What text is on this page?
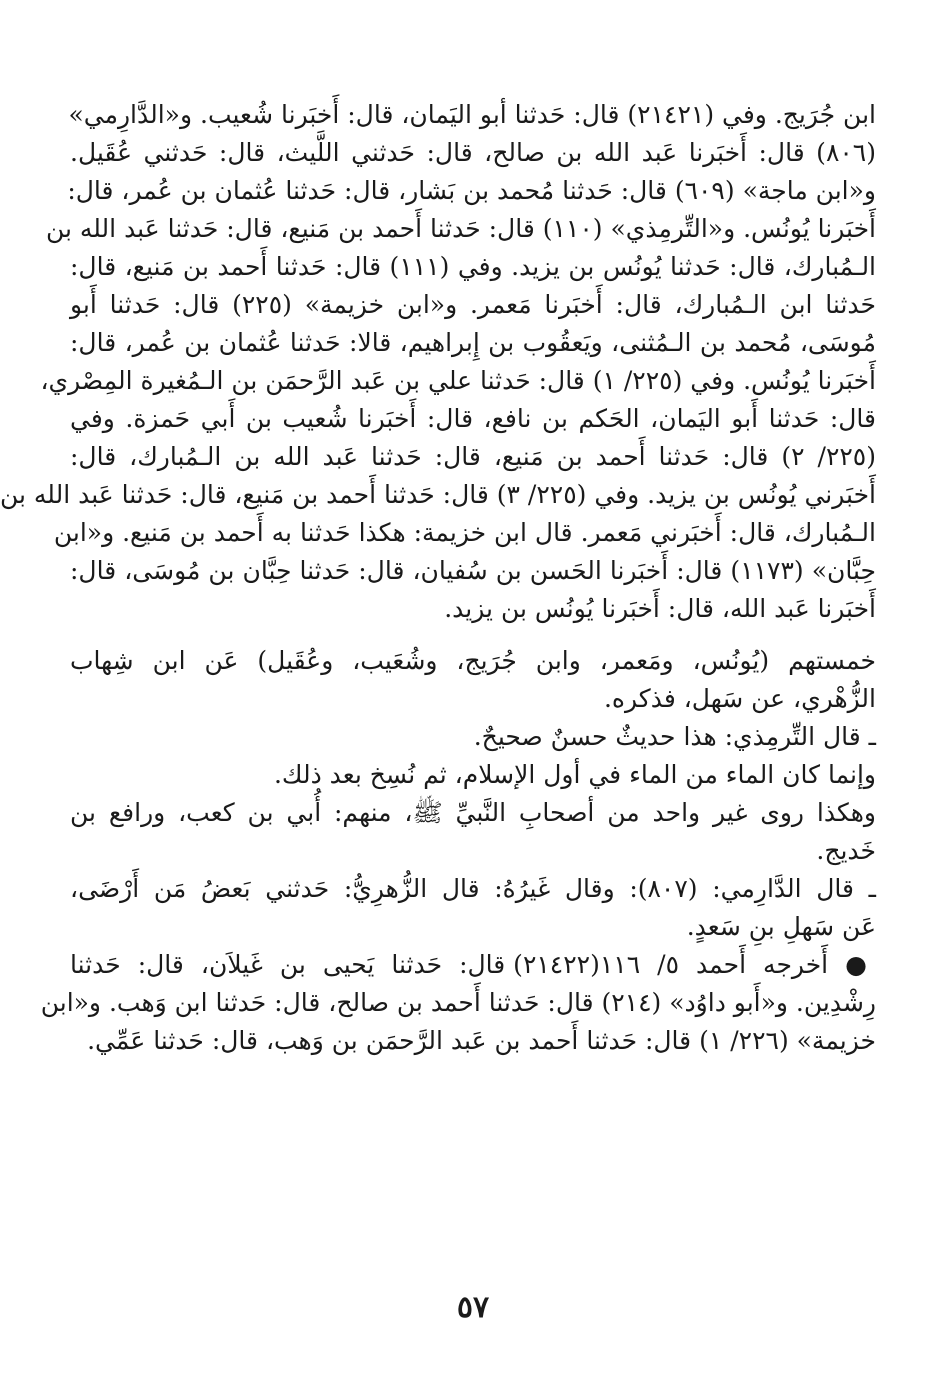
ابن جُرَيج. وفي (٢١٤٢١) قال: حَدثنا أبو اليَمان، قال: أَخبَرنا شُعيب. و«الدَّارِمي»
(٨٠٦) قال: أَخبَرنا عَبد الله بن صالح، قال: حَدثني اللَّيث، قال: حَدثني عُقَيل.
و«ابن ماجة» (٦٠٩) قال: حَدثنا مُحمد بن بَشار، قال: حَدثنا عُثمان بن عُمر، قال:
أَخبَرنا يُونُس. و«التِّرمِذي» (١١٠) قال: حَدثنا أَحمد بن مَنيع، قال: حَدثنا عَبد الله بن
الـمُبارك، قال: حَدثنا يُونُس بن يزيد. وفي (١١١) قال: حَدثنا أَحمد بن مَنيع، قال:
حَدثنا ابن الـمُبارك، قال: أَخبَرنا مَعمر. و«ابن خزيمة» (٢٢٥) قال: حَدثنا أَبو
مُوسَى، مُحمد بن الـمُثنى، ويَعقُوب بن إِبراهيم، قالا: حَدثنا عُثمان بن عُمر، قال:
أَخبَرنا يُونُس. وفي (٢٢٥/ ١) قال: حَدثنا علي بن عَبد الرَّحمَن بن الـمُغيرة المِصْري،
قال: حَدثنا أَبو اليَمان، الحَكم بن نافع، قال: أَخبَرنا شُعيب بن أَبي حَمزة. وفي
(٢٢٥/ ٢) قال: حَدثنا أَحمد بن مَنيع، قال: حَدثنا عَبد الله بن الـمُبارك، قال:
أَخبَرني يُونُس بن يزيد. وفي (٢٢٥/ ٣) قال: حَدثنا أَحمد بن مَنيع، قال: حَدثنا عَبد الله بن
الـمُبارك، قال: أَخبَرني مَعمر. قال ابن خزيمة: هكذا حَدثنا به أَحمد بن مَنيع. و«ابن
حِبَّان» (١١٧٣) قال: أَخبَرنا الحَسن بن سُفيان، قال: حَدثنا حِبَّان بن مُوسَى، قال:
أَخبَرنا عَبد الله، قال: أَخبَرنا يُونُس بن يزيد.
خمستهم (يُونُس، ومَعمر، وابن جُرَيج، وشُعَيب، وعُقَيل) عَن ابن شِهاب
الزُّهْري، عن سَهل، فذكره.
ـ قال التِّرمِذي: هذا حديثٌ حسنٌ صحيحٌ.
وإنما كان الماء من الماء في أول الإسلام، ثم نُسِخ بعد ذلك.
وهكذا روى غير واحد من أصحابِ النَّبيِّ ﷺ، منهم: أُبي بن كعب، ورافع بن
خَديج.
ـ قال الدَّارِمي: (٨٠٧): وقال غَيرُهُ: قال الزُّهرِيُّ: حَدثني بَعضُ مَن أَرْضَى،
عَن سَهلِ بنِ سَعدٍ.
● أَخرجه أَحمد ٥/ ١١٦(٢١٤٢٢) قال: حَدثنا يَحيى بن غَيلاَن، قال: حَدثنا
رِشْدِين. و«أَبو داوُد» (٢١٤) قال: حَدثنا أَحمد بن صالح، قال: حَدثنا ابن وَهب. و«ابن
خزيمة» (٢٢٦/ ١) قال: حَدثنا أَحمد بن عَبد الرَّحمَن بن وَهب، قال: حَدثنا عَمِّي.
٥٧
